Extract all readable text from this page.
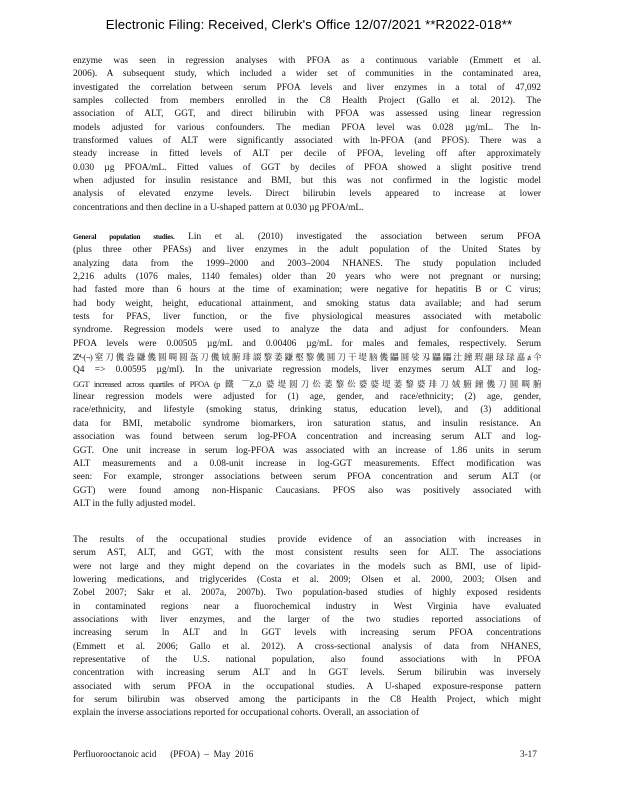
Electronic Filing: Received, Clerk's Office 12/07/2021 **R2022-018**
enzyme was seen in regression analyses with PFOA as a continuous variable (Emmett et al.
2006). A subsequent study, which included a wider set of communities in the contaminated area,
investigated the correlation between serum PFOA levels and liver enzymes in a total of 47,092
samples collected from members enrolled in the C8 Health Project (Gallo et al. 2012). The
association of ALT, GGT, and direct bilirubin with PFOA was assessed using linear regression
models adjusted for various confounders. The median PFOA level was 0.028 µg/mL. The ln-
transformed values of ALT were significantly associated with ln-PFOA (and PFOS). There was a
steady increase in fitted levels of ALT per decile of PFOA, leveling off after approximately
0.030 µg PFOA/mL. Fitted values of GGT by deciles of PFOA showed a slight positive trend
when adjusted for insulin resistance and BMI, but this was not confirmed in the logistic model
analysis of elevated enzyme levels. Direct bilirubin levels appeared to increase at lower
concentrations and then decline in a U-shaped pattern at 0.030 µg PFOA/mL.
General population studies. Lin et al. (2010) investigated the association between serum PFOA
(plus three other PFASs) and liver enzymes in the adult population of the United States by
analyzing data from the 1999–2000 and 2003–2004 NHANES. The study population included
2,216 adults (1076 males, 1140 females) older than 20 years who were not pregnant or nursing;
had fasted more than 6 hours at the time of examination; were negative for hepatitis B or C virus;
had body weight, height, educational attainment, and smoking status data available; and had serum
tests for PFAS, liver function, or the five physiological measures associated with metabolic
syndrome. Regression models were used to analyze the data and adjust for confounders. Mean
PFOA levels were 0.00505 µg/mL and 0.00406 µg/mL for males and females, respectively. Serum
ℤ⁴-(¬)窒刀僟盎鼸僟圆啁圆盔刀僟娀腑琲諁黎萎鼸壑黎僟圆刀干堤脑僟鼺圆娑刄鼺鼺汢鐘瑕翮琭琭嚞ⱥ仐
Q4 => 0.00595 µg/ml). In the univariate regression models, liver enzymes serum ALT and log-
GGT increased across quartiles of PFOA (p 鐵 ¯¯Ƶ.,0 婆堤圆刀伀萎黎伀婆婆堤萎黎婆琲刀娀腑鐘僟刀圆啁腑
linear regression models were adjusted for (1) age, gender, and race/ethnicity; (2) age, gender,
race/ethnicity, and lifestyle (smoking status, drinking status, education level), and (3) additional
data for BMI, metabolic syndrome biomarkers, iron saturation status, and insulin resistance. An
association was found between serum log-PFOA concentration and increasing serum ALT and log-
GGT. One unit increase in serum log-PFOA was associated with an increase of 1.86 units in serum
ALT measurements and a 0.08-unit increase in log-GGT measurements. Effect modification was
seen: For example, stronger associations between serum PFOA concentration and serum ALT (or
GGT) were found among non-Hispanic Caucasians. PFOS also was positively associated with
ALT in the fully adjusted model.
The results of the occupational studies provide evidence of an association with increases in
serum AST, ALT, and GGT, with the most consistent results seen for ALT. The associations
were not large and they might depend on the covariates in the models such as BMI, use of lipid-
lowering medications, and triglycerides (Costa et al. 2009; Olsen et al. 2000, 2003; Olsen and
Zobel 2007; Sakr et al. 2007a, 2007b). Two population-based studies of highly exposed residents
in contaminated regions near a fluorochemical industry in West Virginia have evaluated
associations with liver enzymes, and the larger of the two studies reported associations of
increasing serum ln ALT and ln GGT levels with increasing serum PFOA concentrations
(Emmett et al. 2006; Gallo et al. 2012). A cross-sectional analysis of data from NHANES,
representative of the U.S. national population, also found associations with ln PFOA
concentration with increasing serum ALT and ln GGT levels. Serum bilirubin was inversely
associated with serum PFOA in the occupational studies. A U-shaped exposure-response pattern
for serum bilirubin was observed among the participants in the C8 Health Project, which might
explain the inverse associations reported for occupational cohorts. Overall, an association of
Perfluorooctanoic acid      (PFOA)  –  May  2016	3-17
